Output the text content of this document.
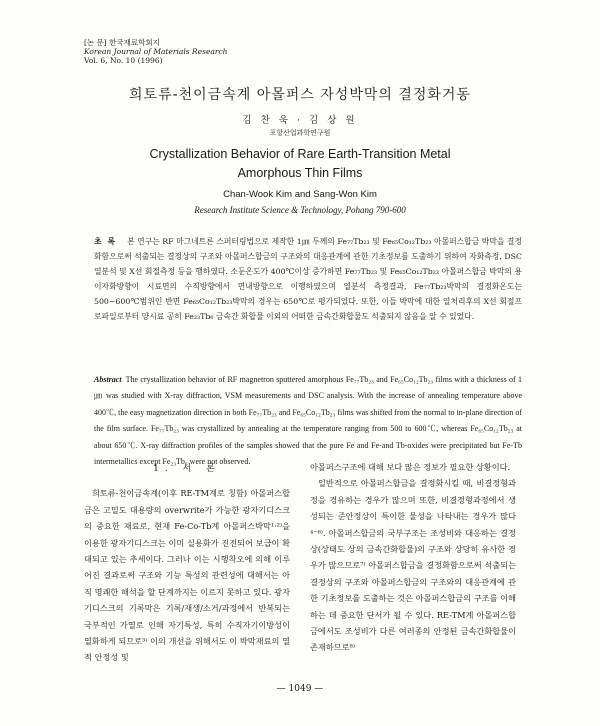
[논 문] 한국재료학회지
Korean Journal of Materials Research
Vol. 6, No. 10 (1996)
희토류-천이금속계 아몰퍼스 자성박막의 결정화거동
김 찬 욱 · 김 상 원
포항산업과학연구원
Crystallization Behavior of Rare Earth-Transition Metal
Amorphous Thin Films
Chan-Wook Kim and Sang-Won Kim
Research Institute Science & Technology, Pohang 790-600
초록 본 연구는 RF 마그네트론 스퍼터링법으로 제작한 1㎛ 두께의 Fe₇₇Tb₂₃ 및 Fe₆₅Co₁₂Tb₂₃ 아몰퍼스합금 박막을 결정화함으로써 석출되는 결정상의 구조와 아몰퍼스합금의 구조와의 대응관계에 관한 기초정보를 도출하기 위하여 자화측정, DSC열분석 및 X선 회절측정 등을 행하였다. 소둔온도가 400℃이상 증가하면 Fe₇₇Tb₂₃ 및 Fe₆₅Co₁₂Tb₂₃ 아몰퍼스합금 박막의 용이자화방향이 시료면의 수직방향에서 면내방향으로 이행하였으며 열분석 측정결과, Fe₇₇Tb₂₃박막의 결정화온도는 500~600℃범위인 반면 Fe₆₅Co₁₂Tb₂₃박막의 경우는 650℃로 평가되었다. 또한, 이들 박막에 대한 열처리후의 X선 회절프로파일로부터 양시료 공히 Fe₂₃Tb₆ 금속간 화합물 이외의 어떠한 금속간화합물도 석출되지 않음을 알 수 있었다.
Abstract The crystallization behavior of RF magnetron sputtered amorphous Fe₇₇Tb₂₃ and Fe₆₅Co₁₂Tb₂₃ films with a thickness of 1㎛ was studied with X-ray diffraction, VSM measurements and DSC analysis. With the increase of annealing temperature above 400℃, the easy magnetization direction in both Fe₇₇Tb₂₃ and Fe₆₅Co₁₂Tb₂₃ films was shifted from the normal to in-plane direction of the film surface. Fe₇₇Tb₂₃ was crystallized by annealing at the temperature ranging from 500 to 600℃, whereas Fe₆₅Co₁₂Tb₂₃ at about 650℃. X-ray diffraction profiles of the samples showed that the pure Fe and Fe-and Tb-oxides were precipitated but Fe-Tb intermetallics except Fe₂₃Tb₆ were not observed.
1. 서 론

희토류-천이금속계(이후 RE-TM계로 칭함) 아몰퍼스합금은 고밀도 대용량의 overwrite가 가능한 광자기디스크의 중요한 재료로, 현재 Fe-Co-Tb계 아몰퍼스박막¹·²⁾을 이용한 광자기디스크는 이미 실용화가 진전되어 보급이 확대되고 있는 추세이다. 그러나 이는 시행착오에 의해 이루어진 결과로써 구조와 기능 특성의 관련성에 대해서는 아직 명쾌한 해석을 할 단계까지는 이르지 못하고 있다. 광자기디스크의 기록막은 기록/재생/소거/과정에서 반복되는 국부적인 가열로 인해 자기특성, 특히 수직자기이방성이 열화하게 되므로³⁾ 이의 개선을 위해서도 이 박막재료의 열적 안정성 및

아몰퍼스구조에 대해 보다 많은 정보가 필요한 상황이다.

일반적으로 아몰퍼스합금을 결정화시킬 때, 비결정형과정을 경유하는 경우가 많으며 또한, 비결정형과정에서 생성되는 준안정상이 특이한 물성을 나타내는 경우가 많다⁴⁻⁶⁾. 아몰퍼스합금의 국부구조는 조성비와 대응하는 결정상(상태도 상의 금속간화합물)의 구조와 상당히 유사한 경우가 많으므로⁷⁾ 아몰퍼스합금을 결정화함으로써 석출되는 결정상의 구조와 아몰퍼스합금의 구조와의 대응관계에 관한 기초정보를 도출하는 것은 아몰퍼스합금의 구조를 이해하는 데 중요한 단서가 될 수 있다. RE-TM계 아몰퍼스합금에서도 조성비가 다른 여러종의 안정된 금속간화합물이 존재하므로⁸⁾

— 1049 —
